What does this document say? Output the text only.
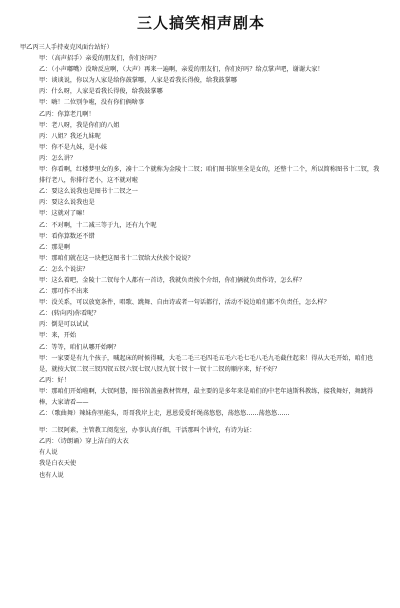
三人搞笑相声剧本
甲乙丙三人手持麦克风面台站好）
甲：（高声招手）亲爱的朋友们，你们好吗？
乙：（小声嘟嘴）没啥反应啊，（大声）再来一遍啊，亲爱的朋友们，你们好吗？给点掌声吧，谢谢大家！
甲：谈谈说，你以为人家是给你鼓掌哪，人家是看我长得俊，给我鼓掌哪
丙：什么呀，人家是看我长得俊，给我鼓掌哪
甲：嗨！二位别争啦，没有你们俩啥事
乙丙：你算老几啊！
甲：老八呀，我是你们的八姐
丙：八姐？我还九妹呢
甲：你不是九妹，是小妹
丙：怎么讲？
甲：你看啊，红楼梦里女的多，凑十二个就称为金陵十二钗；咱们图书馆里全是女的，还整十二个，所以简称图书十二钗，我排行老八，你排行老小，这不就对啦
乙：要这么说我也是图书十二钗之一
丙：要这么说我也是
甲：这就对了嘛！
乙：不对啊，十二减三等于九，还有九个呢
甲：看你算数还不错
乙：那是啊
甲：那咱们就在这一块把这图书十二钗给大伙挨个说说？
乙：怎么个说法？
甲：这么着吧，金陵十二钗每个人都有一首诗，我就负责挨个介绍，你们俩就负责作诗，怎么样？
乙：那可作不出来
甲：没关系，可以放宽条件，唱歌、跳舞、自由诗或者一句话都行，活动不说边咱们都不负责任，怎么样？
乙：(转向丙)你看呢？
丙：倒是可以试试
甲：来，开始
乙：等等，咱们从哪开始啊？
甲：一家要是有九个孩子，喊起床的时候得喊，大毛二毛三毛四毛五毛六毛七毛八毛九毛截住起来！得从大毛开始，咱们也是，就按大钗二钗三钗四钗五钗六钗七钗八钗九钗十钗十一钗十二钗的顺序来，好不好？
乙丙：好！
甲：那咱们开始啦啊，大钗阿慧，图书馆盖童教材管理，最主要的是多年来是咱们的中老年迪斯科教练，接我舞好，舞跳得棒，大家请看——
乙：（歌曲舞）辣妹你里能头，哥哥我岸上走，恩恩爱爱纤绳荡悠悠，荡悠悠……荡悠悠……
甲：二钗阿素，主管教工阅览室，办事认真仔细，干活那叫个讲究，有诗为证：
乙丙：（诗朗诵）穿上洁白的大衣
有人说
我是白衣天使
也有人说
